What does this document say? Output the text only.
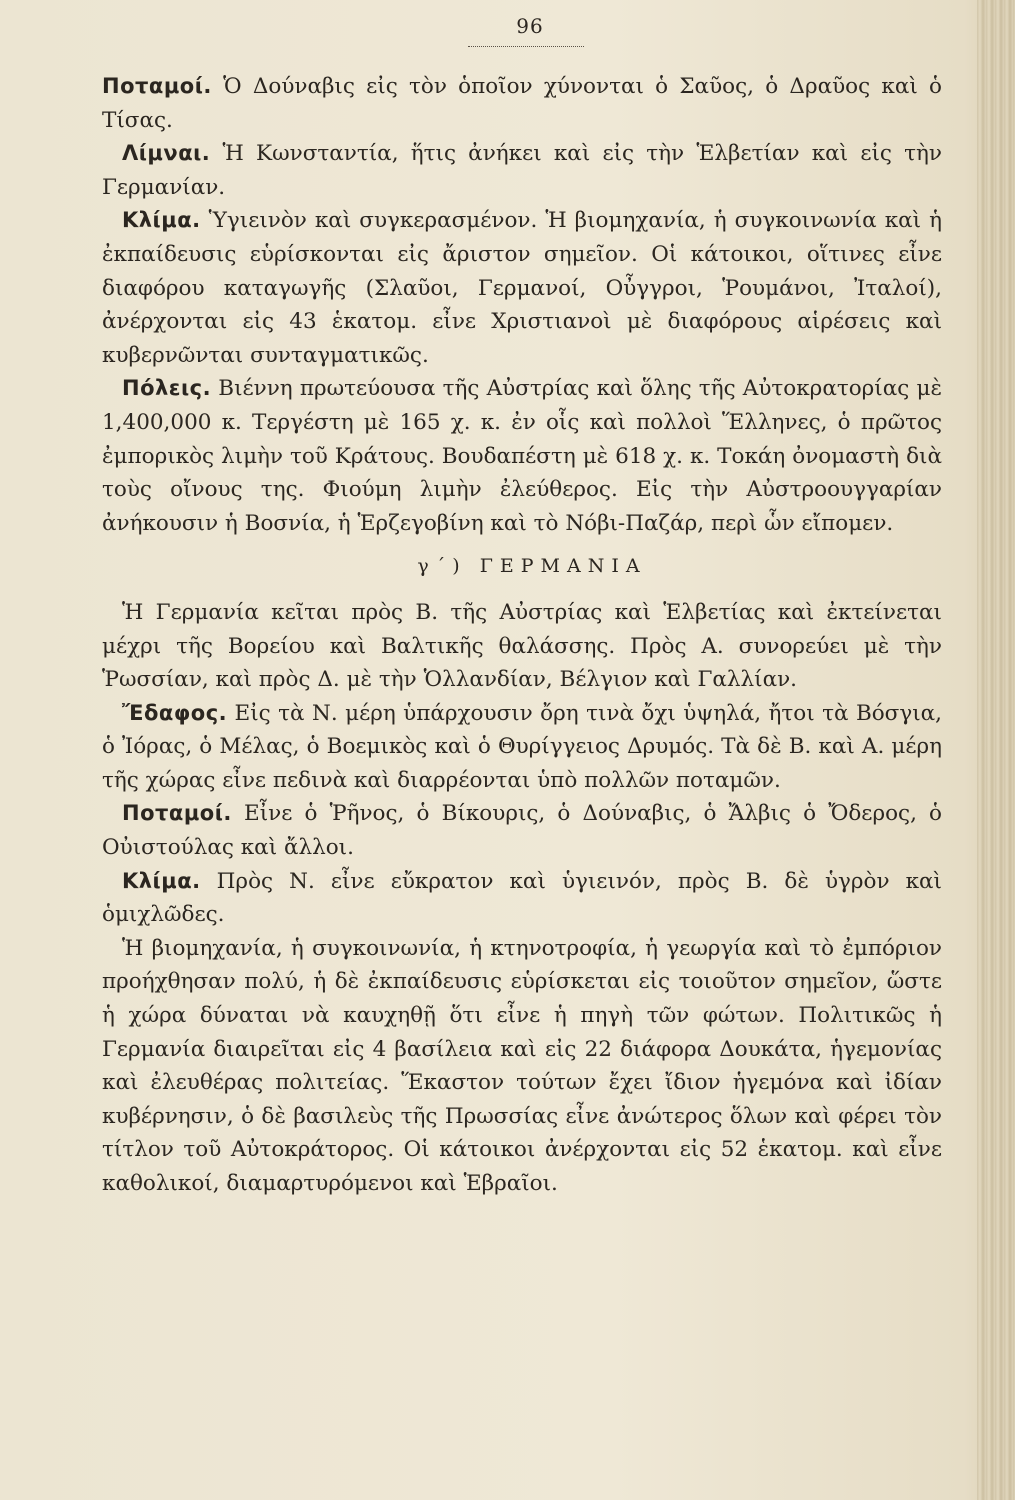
96

Ποταμοί. Ὁ Δούναβις εἰς τὸν ὁποῖον χύνονται ὁ Σαῦος, ὁ Δραῦος καὶ ὁ Τίσας.

Λίμναι. Ἡ Κωνσταντία, ἥτις ἀνήκει καὶ εἰς τὴν Ἑλβετίαν καὶ εἰς τὴν Γερμανίαν.

Κλίμα. Ὑγιεινὸν καὶ συγκερασμένον. Ἡ βιομηχανία, ἡ συγκοινωνία καὶ ἡ ἐκπαίδευσις εὑρίσκονται εἰς ἄριστον σημεῖον. Οἱ κάτοικοι, οἵτινες εἶνε διαφόρου καταγωγῆς (Σλαῦοι, Γερμανοί, Οὖγγροι, Ῥουμάνοι, Ἰταλοί), ἀνέρχονται εἰς 43 ἑκατομ. εἶνε Χριστιανοὶ μὲ διαφόρους αἱρέσεις καὶ κυβερνῶνται συνταγματικῶς.

Πόλεις. Βιέννη πρωτεύουσα τῆς Αὐστρίας καὶ ὅλης τῆς Αὐτοκρατορίας μὲ 1,400,000 κ. Τεργέστη μὲ 165 χ. κ. ἐν οἷς καὶ πολλοὶ Ἕλληνες, ὁ πρῶτος ἐμπορικὸς λιμὴν τοῦ Κράτους. Βουδαπέστη μὲ 618 χ. κ. Τοκάη ὀνομαστὴ διὰ τοὺς οἴνους της. Φιούμη λιμὴν ἐλεύθερος. Εἰς τὴν Αὐστροουγγαρίαν ἀνήκουσιν ἡ Βοσνία, ἡ Ἑρζεγοβίνη καὶ τὸ Νόβι-Παζάρ, περὶ ὧν εἴπομεν.

γ΄) ΓΕΡΜΑΝΙΑ

Ἡ Γερμανία κεῖται πρὸς Β. τῆς Αὐστρίας καὶ Ἑλβετίας καὶ ἐκτείνεται μέχρι τῆς Βορείου καὶ Βαλτικῆς θαλάσσης. Πρὸς Α. συνορεύει μὲ τὴν Ῥωσσίαν, καὶ πρὸς Δ. μὲ τὴν Ὁλλανδίαν, Βέλγιον καὶ Γαλλίαν.

Ἔδαφος. Εἰς τὰ Ν. μέρη ὑπάρχουσιν ὄρη τινὰ ὄχι ὑψηλά, ἤτοι τὰ Βόσγια, ὁ Ἰόρας, ὁ Μέλας, ὁ Βοεμικὸς καὶ ὁ Θυρίγγειος Δρυμός. Τὰ δὲ Β. καὶ Α. μέρη τῆς χώρας εἶνε πεδινὰ καὶ διαρρέονται ὑπὸ πολλῶν ποταμῶν.

Ποταμοί. Εἶνε ὁ Ῥῆνος, ὁ Βίκουρις, ὁ Δούναβις, ὁ Ἄλβις ὁ Ὄδερος, ὁ Οὐιστούλας καὶ ἄλλοι.

Κλίμα. Πρὸς Ν. εἶνε εὔκρατον καὶ ὑγιεινόν, πρὸς Β. δὲ ὑγρὸν καὶ ὁμιχλῶδες.

Ἡ βιομηχανία, ἡ συγκοινωνία, ἡ κτηνοτροφία, ἡ γεωργία καὶ τὸ ἐμπόριον προήχθησαν πολύ, ἡ δὲ ἐκπαίδευσις εὑρίσκεται εἰς τοιοῦτον σημεῖον, ὥστε ἡ χώρα δύναται νὰ καυχηθῇ ὅτι εἶνε ἡ πηγὴ τῶν φώτων. Πολιτικῶς ἡ Γερμανία διαιρεῖται εἰς 4 βασίλεια καὶ εἰς 22 διάφορα Δουκάτα, ἡγεμονίας καὶ ἐλευθέρας πολιτείας. Ἕκαστον τούτων ἔχει ἴδιον ἡγεμόνα καὶ ἰδίαν κυβέρνησιν, ὁ δὲ βασιλεὺς τῆς Πρωσσίας εἶνε ἀνώτερος ὅλων καὶ φέρει τὸν τίτλον τοῦ Αὐτοκράτορος. Οἱ κάτοικοι ἀνέρχονται εἰς 52 ἑκατομ. καὶ εἶνε καθολικοί, διαμαρτυρόμενοι καὶ Ἑβραῖοι.
